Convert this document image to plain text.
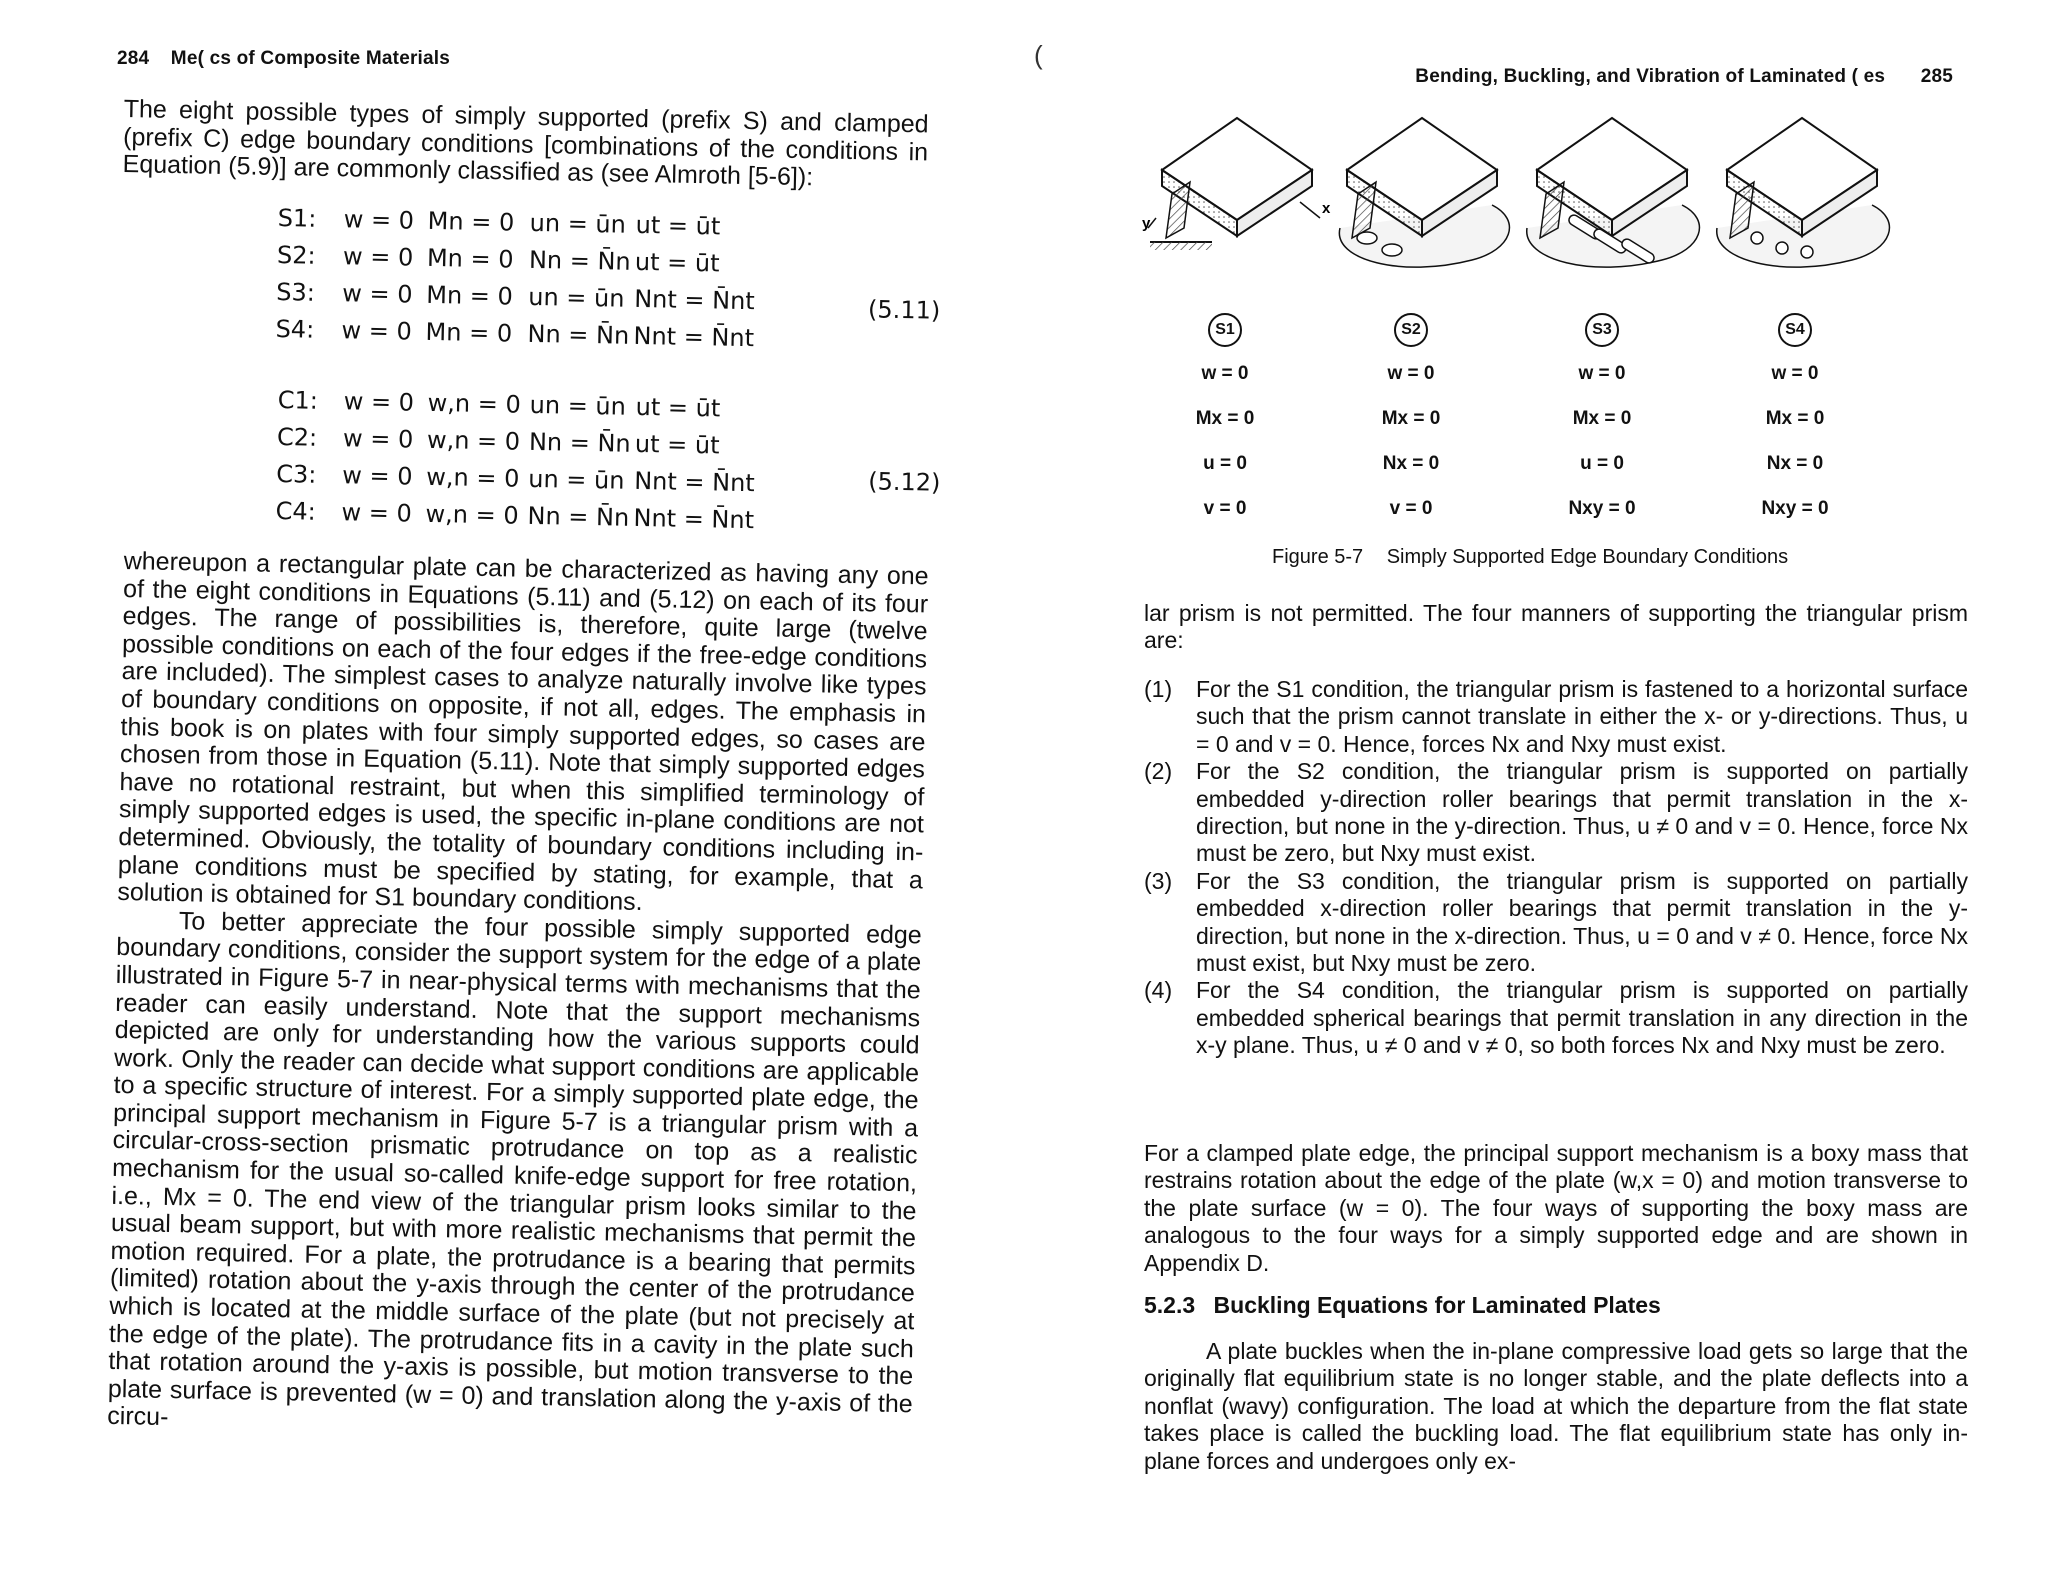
284 Me( cs of Composite Materials

The eight possible types of simply supported (prefix S) and clamped (prefix C) edge boundary conditions [combinations of the conditions in Equation (5.9)] are commonly classified as (see Almroth [5-6]):

S1: w = 0 Mn = 0 un = ūn ut = ūt
S2: w = 0 Mn = 0 Nn = N̄n ut = ūt
S3: w = 0 Mn = 0 un = ūn Nnt = N̄nt
S4: w = 0 Mn = 0 Nn = N̄n Nnt = N̄nt
(5.11)
C1: w = 0 w,n = 0 un = ūn ut = ūt
C2: w = 0 w,n = 0 Nn = N̄n ut = ūt
C3: w = 0 w,n = 0 un = ūn Nnt = N̄nt
C4: w = 0 w,n = 0 Nn = N̄n Nnt = N̄nt
(5.12)

whereupon a rectangular plate can be characterized as having any one of the eight conditions in Equations (5.11) and (5.12) on each of its four edges. The range of possibilities is, therefore, quite large (twelve possible conditions on each of the four edges if the free-edge conditions are included). The simplest cases to analyze naturally involve like types of boundary conditions on opposite, if not all, edges. The emphasis in this book is on plates with four simply supported edges, so cases are chosen from those in Equation (5.11). Note that simply supported edges have no rotational restraint, but when this simplified terminology of simply supported edges is used, the specific in-plane conditions are not determined. Obviously, the totality of boundary conditions including in-plane conditions must be specified by stating, for example, that a solution is obtained for S1 boundary conditions.

To better appreciate the four possible simply supported edge boundary conditions, consider the support system for the edge of a plate illustrated in Figure 5-7 in near-physical terms with mechanisms that the reader can easily understand. Note that the support mechanisms depicted are only for understanding how the various supports could work. Only the reader can decide what support conditions are applicable to a specific structure of interest. For a simply supported plate edge, the principal support mechanism in Figure 5-7 is a triangular prism with a circular-cross-section prismatic protrudance on top as a realistic mechanism for the usual so-called knife-edge support for free rotation, i.e., Mx = 0. The end view of the triangular prism looks similar to the usual beam support, but with more realistic mechanisms that permit the motion required. For a plate, the protrudance is a bearing that permits (limited) rotation about the y-axis through the center of the protrudance which is located at the middle surface of the plate (but not precisely at the edge of the plate). The protrudance fits in a cavity in the plate such that rotation around the y-axis is possible, but motion transverse to the plate surface is prevented (w = 0) and translation along the y-axis of the circu-

(
Bending, Buckling, and Vibration of Laminated ( es 285
y
x
S1
w = 0
Mx = 0
u = 0
v = 0
S2
w = 0
Mx = 0
Nx = 0
v = 0
S3
w = 0
Mx = 0
u = 0
Nxy = 0
S4
w = 0
Mx = 0
Nx = 0
Nxy = 0
Figure 5-7 Simply Supported Edge Boundary Conditions

lar prism is not permitted. The four manners of supporting the triangular prism are:

(1) For the S1 condition, the triangular prism is fastened to a horizontal surface such that the prism cannot translate in either the x- or y-directions. Thus, u = 0 and v = 0. Hence, forces Nx and Nxy must exist.
(2) For the S2 condition, the triangular prism is supported on partially embedded y-direction roller bearings that permit translation in the x-direction, but none in the y-direction. Thus, u ≠ 0 and v = 0. Hence, force Nx must be zero, but Nxy must exist.
(3) For the S3 condition, the triangular prism is supported on partially embedded x-direction roller bearings that permit translation in the y-direction, but none in the x-direction. Thus, u = 0 and v ≠ 0. Hence, force Nx must exist, but Nxy must be zero.
(4) For the S4 condition, the triangular prism is supported on partially embedded spherical bearings that permit translation in any direction in the x-y plane. Thus, u ≠ 0 and v ≠ 0, so both forces Nx and Nxy must be zero.

For a clamped plate edge, the principal support mechanism is a boxy mass that restrains rotation about the edge of the plate (w,x = 0) and motion transverse to the plate surface (w = 0). The four ways of supporting the boxy mass are analogous to the four ways for a simply supported edge and are shown in Appendix D.

5.2.3 Buckling Equations for Laminated Plates

A plate buckles when the in-plane compressive load gets so large that the originally flat equilibrium state is no longer stable, and the plate deflects into a nonflat (wavy) configuration. The load at which the departure from the flat state takes place is called the buckling load. The flat equilibrium state has only in-plane forces and undergoes only ex-
